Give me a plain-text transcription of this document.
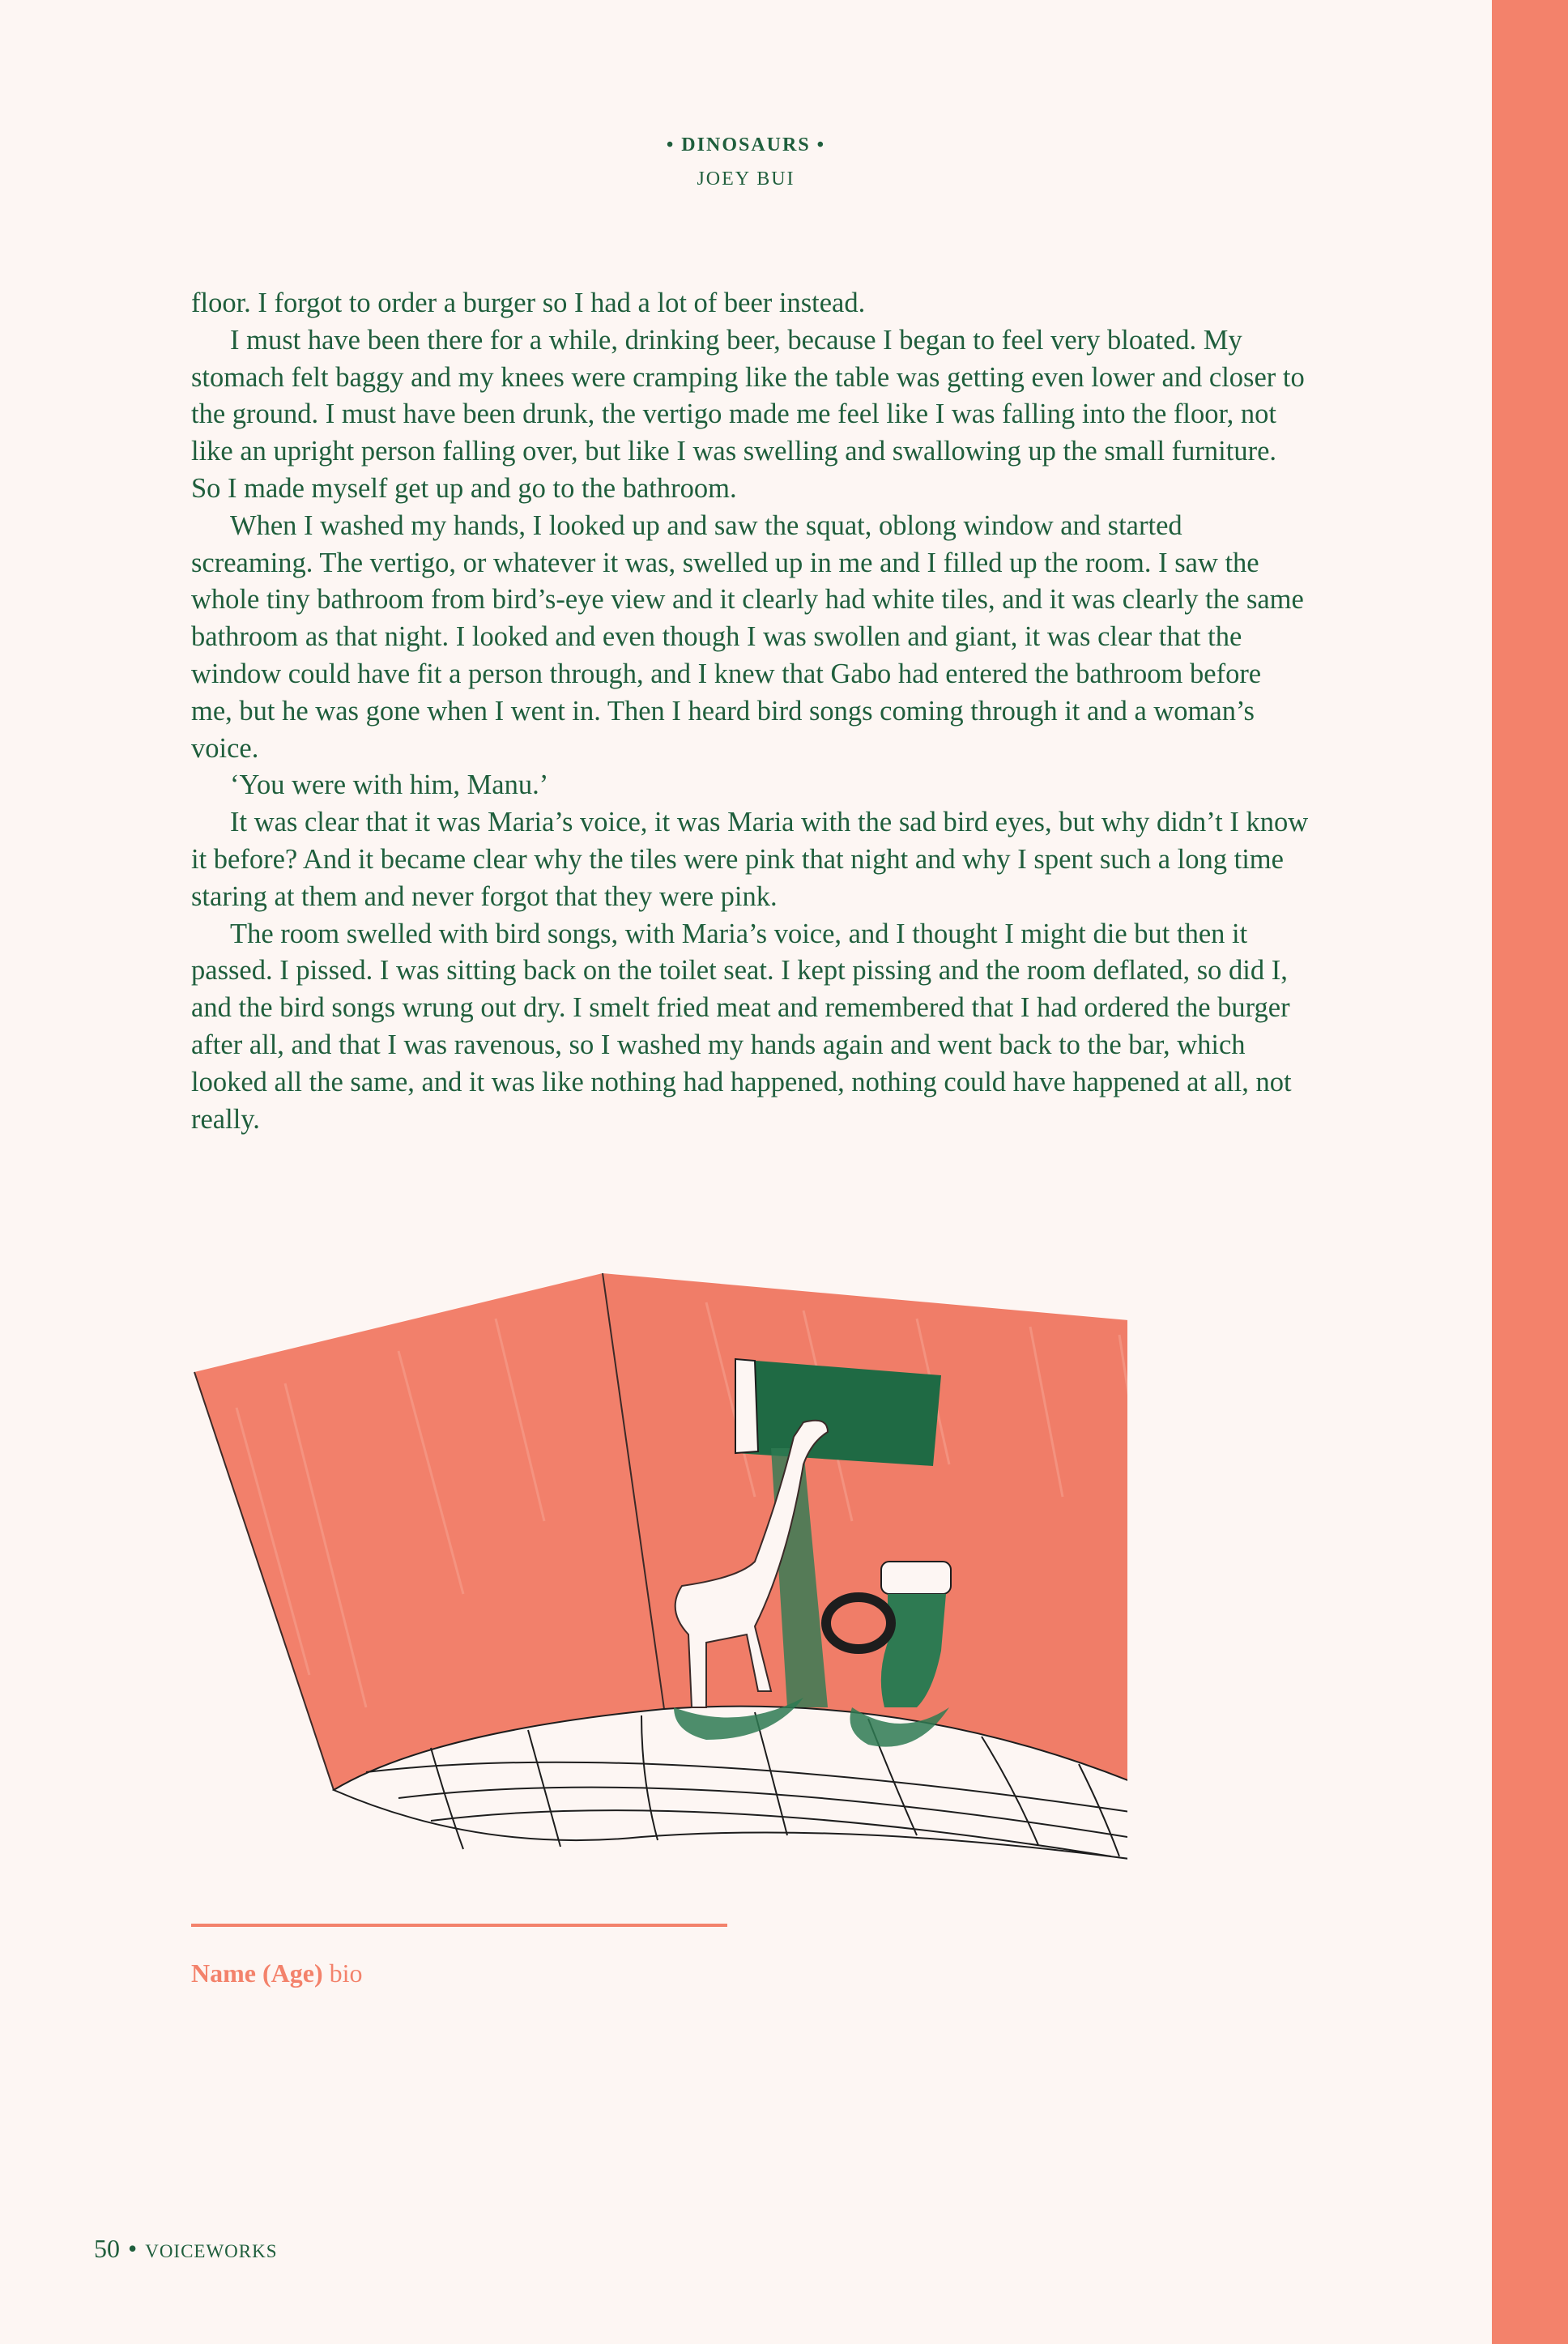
• DINOSAURS •
JOEY BUI

floor. I forgot to order a burger so I had a lot of beer instead.

I must have been there for a while, drinking beer, because I began to feel very bloated. My stomach felt baggy and my knees were cramping like the table was getting even lower and closer to the ground. I must have been drunk, the vertigo made me feel like I was falling into the floor, not like an upright person falling over, but like I was swelling and swallowing up the small furniture. So I made myself get up and go to the bathroom.

When I washed my hands, I looked up and saw the squat, oblong window and started screaming. The vertigo, or whatever it was, swelled up in me and I filled up the room. I saw the whole tiny bathroom from bird’s-eye view and it clearly had white tiles, and it was clearly the same bathroom as that night. I looked and even though I was swollen and giant, it was clear that the window could have fit a person through, and I knew that Gabo had entered the bathroom before me, but he was gone when I went in. Then I heard bird songs coming through it and a woman’s voice.

‘You were with him, Manu.’

It was clear that it was Maria’s voice, it was Maria with the sad bird eyes, but why didn’t I know it before? And it became clear why the tiles were pink that night and why I spent such a long time staring at them and never forgot that they were pink.

The room swelled with bird songs, with Maria’s voice, and I thought I might die but then it passed. I pissed. I was sitting back on the toilet seat. I kept pissing and the room deflated, so did I, and the bird songs wrung out dry. I smelt fried meat and remembered that I had ordered the burger after all, and that I was ravenous, so I washed my hands again and went back to the bar, which looked all the same, and it was like nothing had happened, nothing could have happened at all, not really.

Name (Age) bio
50 • VOICEWORKS
